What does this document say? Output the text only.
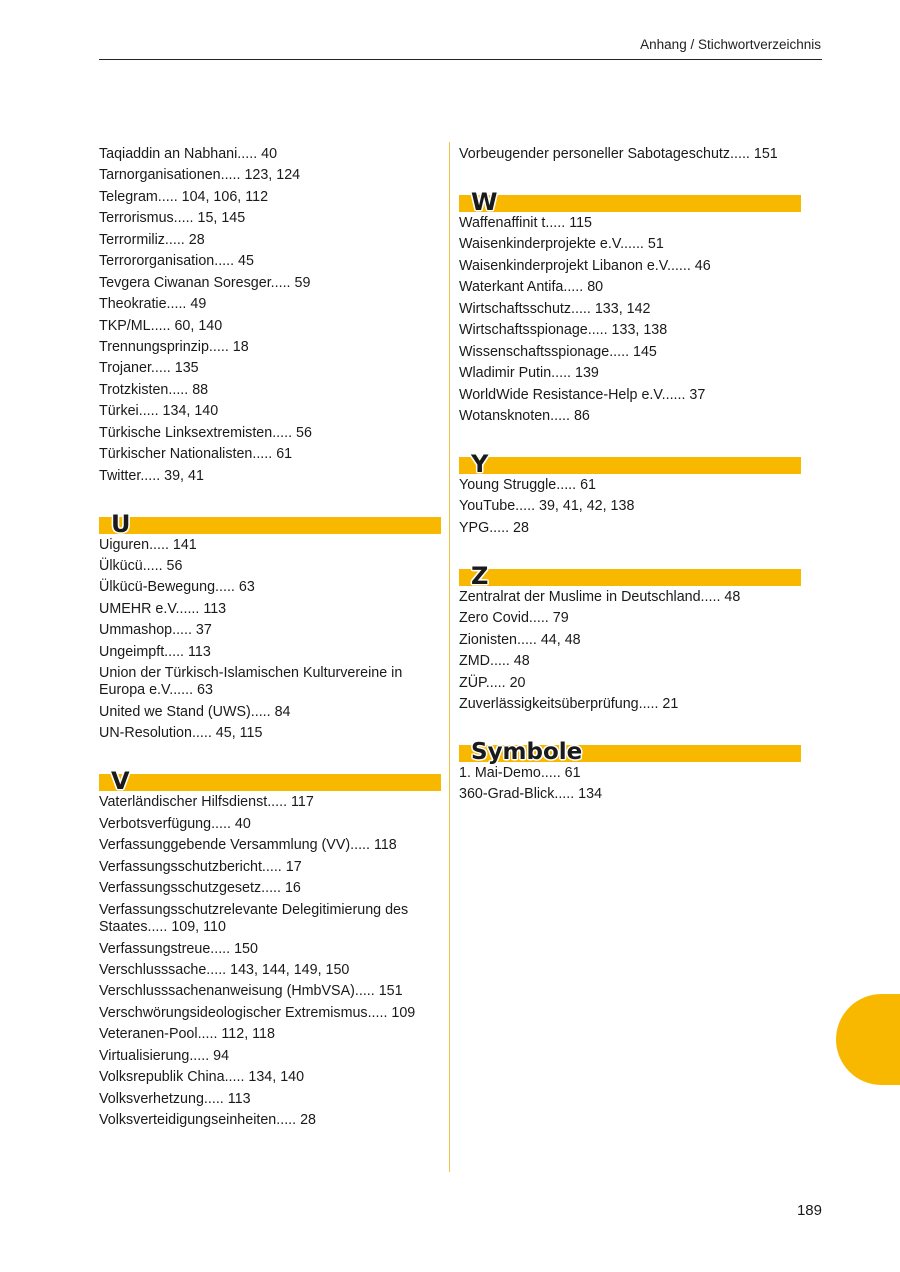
Anhang / Stichwortverzeichnis
Taqiaddin an Nabhani..... 40
Tarnorganisationen..... 123, 124
Telegram..... 104, 106, 112
Terrorismus..... 15, 145
Terrormiliz..... 28
Terrororganisation..... 45
Tevgera Ciwanan Soresger..... 59
Theokratie..... 49
TKP/ML..... 60, 140
Trennungsprinzip..... 18
Trojaner..... 135
Trotzkisten..... 88
Türkei..... 134, 140
Türkische Linksextremisten..... 56
Türkischer Nationalisten..... 61
Twitter..... 39, 41
U
Uiguren..... 141
Ülkücü..... 56
Ülkücü-Bewegung..... 63
UMEHR e.V...... 113
Ummashop..... 37
Ungeimpft..... 113
Union der Türkisch-Islamischen Kulturvereine in Europa e.V...... 63
United we Stand (UWS)..... 84
UN-Resolution..... 45, 115
V
Vaterländischer Hilfsdienst..... 117
Verbotsverfügung..... 40
Verfassunggebende Versammlung (VV)..... 118
Verfassungsschutzbericht..... 17
Verfassungsschutzgesetz..... 16
Verfassungsschutzrelevante Delegitimierung des Staates..... 109, 110
Verfassungstreue..... 150
Verschlusssache..... 143, 144, 149, 150
Verschlusssachenanweisung (HmbVSA)..... 151
Verschwörungsideologischer Extremismus..... 109
Veteranen-Pool..... 112, 118
Virtualisierung..... 94
Volksrepublik China..... 134, 140
Volksverhetzung..... 113
Volksverteidigungseinheiten..... 28
Vorbeugender personeller Sabotageschutz..... 151
W
Waffenaffinit t..... 115
Waisenkinderprojekte e.V...... 51
Waisenkinderprojekt Libanon e.V...... 46
Waterkant Antifa..... 80
Wirtschaftsschutz..... 133, 142
Wirtschaftsspionage..... 133, 138
Wissenschaftsspionage..... 145
Wladimir Putin..... 139
WorldWide Resistance-Help e.V...... 37
Wotansknoten..... 86
Y
Young Struggle..... 61
YouTube..... 39, 41, 42, 138
YPG..... 28
Z
Zentralrat der Muslime in Deutschland..... 48
Zero Covid..... 79
Zionisten..... 44, 48
ZMD..... 48
ZÜP..... 20
Zuverlässigkeitsüberprüfung..... 21
Symbole
1. Mai-Demo..... 61
360-Grad-Blick..... 134
189
